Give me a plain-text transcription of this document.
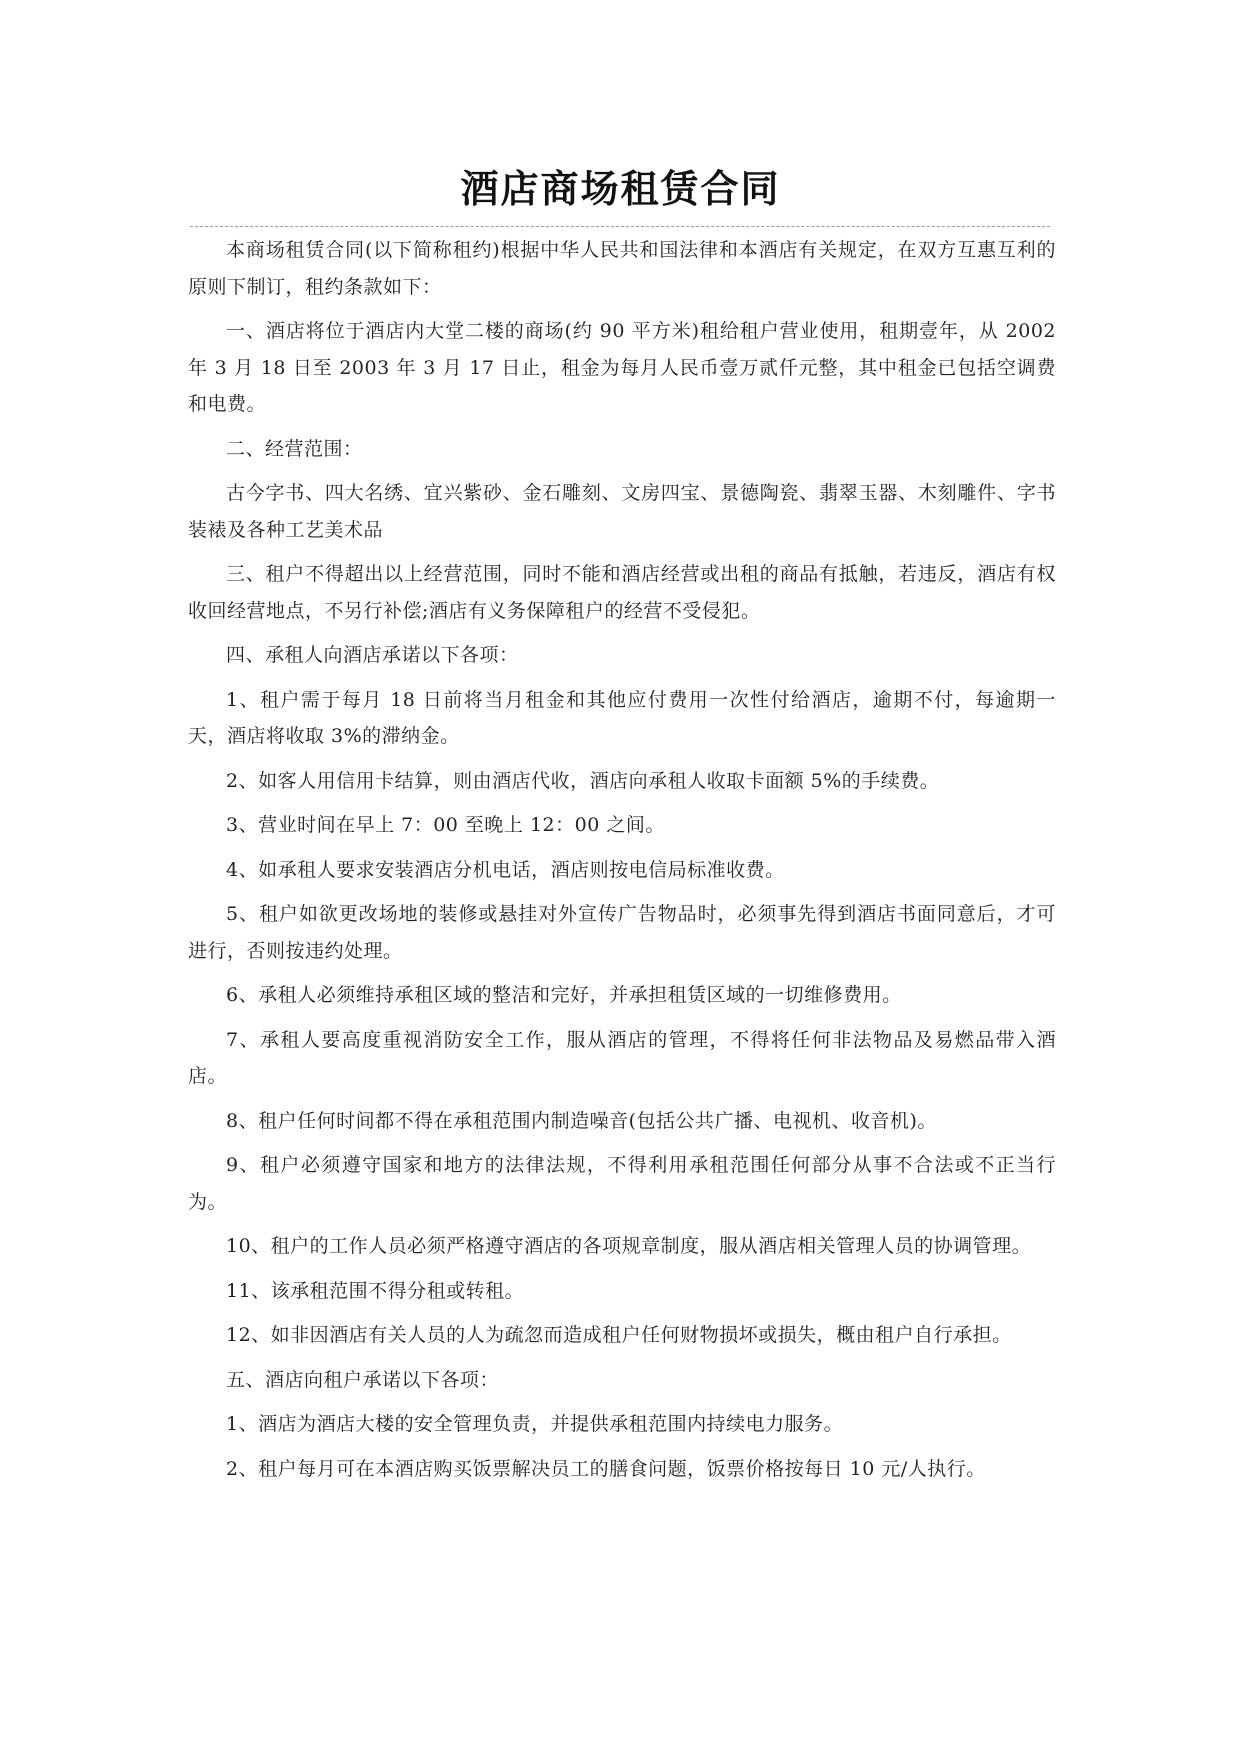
酒店商场租赁合同

本商场租赁合同(以下简称租约)根据中华人民共和国法律和本酒店有关规定，在双方互惠互利的原则下制订，租约条款如下：

一、酒店将位于酒店内大堂二楼的商场(约 90 平方米)租给租户营业使用，租期壹年，从 2002 年 3 月 18 日至 2003 年 3 月 17 日止，租金为每月人民币壹万贰仟元整，其中租金已包括空调费和电费。

二、经营范围：

古今字书、四大名绣、宜兴紫砂、金石雕刻、文房四宝、景德陶瓷、翡翠玉器、木刻雕件、字书装裱及各种工艺美术品

三、租户不得超出以上经营范围，同时不能和酒店经营或出租的商品有抵触，若违反，酒店有权收回经营地点，不另行补偿;酒店有义务保障租户的经营不受侵犯。

四、承租人向酒店承诺以下各项：

1、租户需于每月 18 日前将当月租金和其他应付费用一次性付给酒店，逾期不付，每逾期一天，酒店将收取 3%的滞纳金。

2、如客人用信用卡结算，则由酒店代收，酒店向承租人收取卡面额 5%的手续费。

3、营业时间在早上 7：00 至晚上 12：00 之间。

4、如承租人要求安装酒店分机电话，酒店则按电信局标准收费。

5、租户如欲更改场地的装修或悬挂对外宣传广告物品时，必须事先得到酒店书面同意后，才可进行，否则按违约处理。

6、承租人必须维持承租区域的整洁和完好，并承担租赁区域的一切维修费用。

7、承租人要高度重视消防安全工作，服从酒店的管理，不得将任何非法物品及易燃品带入酒店。

8、租户任何时间都不得在承租范围内制造噪音(包括公共广播、电视机、收音机)。

9、租户必须遵守国家和地方的法律法规，不得利用承租范围任何部分从事不合法或不正当行为。

10、租户的工作人员必须严格遵守酒店的各项规章制度，服从酒店相关管理人员的协调管理。

11、该承租范围不得分租或转租。

12、如非因酒店有关人员的人为疏忽而造成租户任何财物损坏或损失，概由租户自行承担。

五、酒店向租户承诺以下各项：

1、酒店为酒店大楼的安全管理负责，并提供承租范围内持续电力服务。

2、租户每月可在本酒店购买饭票解决员工的膳食问题，饭票价格按每日 10 元/人执行。
